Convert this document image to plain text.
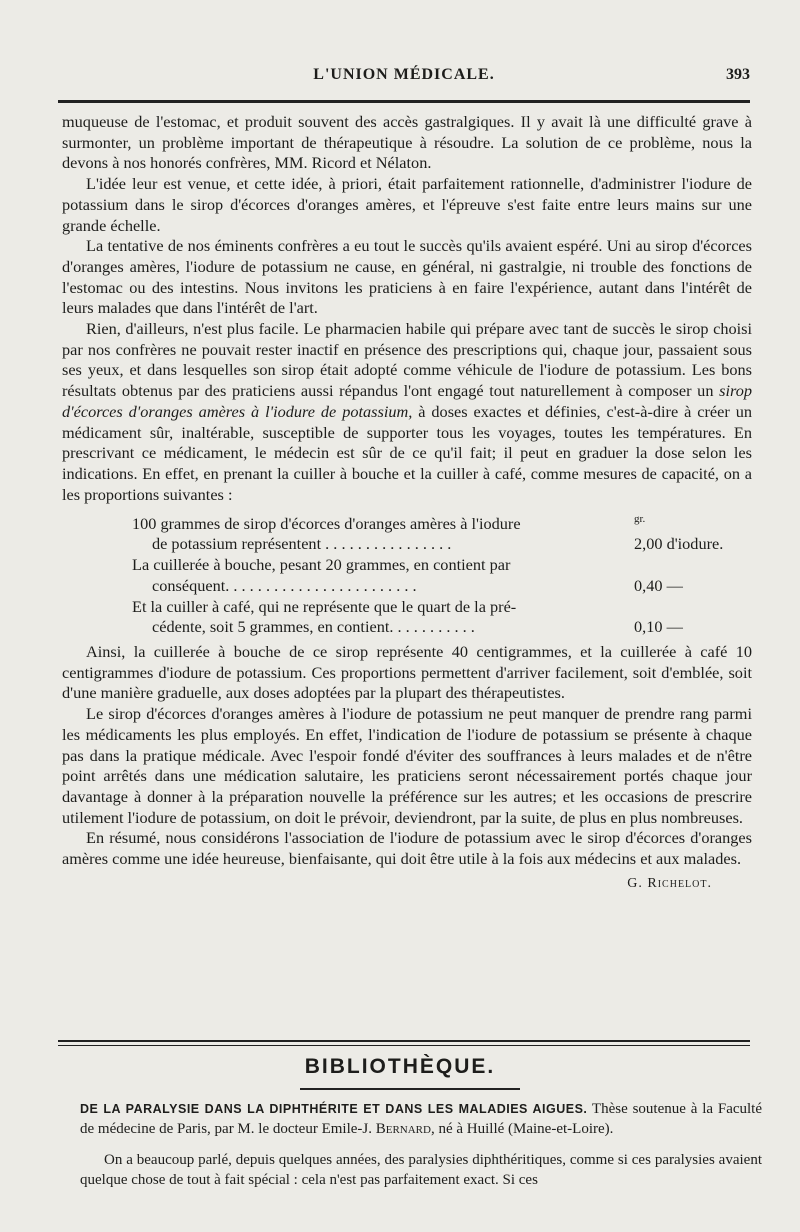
L'UNION MÉDICALE.	393

muqueuse de l'estomac, et produit souvent des accès gastralgiques. Il y avait là une difficulté grave à surmonter, un problème important de thérapeutique à résoudre. La solution de ce problème, nous la devons à nos honorés confrères, MM. Ricord et Nélaton.

L'idée leur est venue, et cette idée, à priori, était parfaitement rationnelle, d'administrer l'iodure de potassium dans le sirop d'écorces d'oranges amères, et l'épreuve s'est faite entre leurs mains sur une grande échelle.

La tentative de nos éminents confrères a eu tout le succès qu'ils avaient espéré. Uni au sirop d'écorces d'oranges amères, l'iodure de potassium ne cause, en général, ni gastralgie, ni trouble des fonctions de l'estomac ou des intestins. Nous invitons les praticiens à en faire l'expérience, autant dans l'intérêt de leurs malades que dans l'intérêt de l'art.

Rien, d'ailleurs, n'est plus facile. Le pharmacien habile qui prépare avec tant de succès le sirop choisi par nos confrères ne pouvait rester inactif en présence des prescriptions qui, chaque jour, passaient sous ses yeux, et dans lesquelles son sirop était adopté comme véhicule de l'iodure de potassium. Les bons résultats obtenus par des praticiens aussi répandus l'ont engagé tout naturellement à composer un sirop d'écorces d'oranges amères à l'iodure de potassium, à doses exactes et définies, c'est-à-dire à créer un médicament sûr, inaltérable, susceptible de supporter tous les voyages, toutes les températures. En prescrivant ce médicament, le médecin est sûr de ce qu'il fait; il peut en graduer la dose selon les indications. En effet, en prenant la cuiller à bouche et la cuiller à café, comme mesures de capacité, on a les proportions suivantes :

100 grammes de sirop d'écorces d'oranges amères à l'iodure	$^{gr.}$
de potassium représentent . . . . . . . . . . . . . . . .	2,00 d'iodure.
La cuillerée à bouche, pesant 20 grammes, en contient par
conséquent. . . . . . . . . . . . . . . . . . . . . . . .	0,40 —
Et la cuiller à café, qui ne représente que le quart de la pré-
cédente, soit 5 grammes, en contient. . . . . . . . . . .	0,10 —

Ainsi, la cuillerée à bouche de ce sirop représente 40 centigrammes, et la cuillerée à café 10 centigrammes d'iodure de potassium. Ces proportions permettent d'arriver facilement, soit d'emblée, soit d'une manière graduelle, aux doses adoptées par la plupart des thérapeutistes.

Le sirop d'écorces d'oranges amères à l'iodure de potassium ne peut manquer de prendre rang parmi les médicaments les plus employés. En effet, l'indication de l'iodure de potassium se présente à chaque pas dans la pratique médicale. Avec l'espoir fondé d'éviter des souffrances à leurs malades et de n'être point arrêtés dans une médication salutaire, les praticiens seront nécessairement portés chaque jour davantage à donner à la préparation nouvelle la préférence sur les autres; et les occasions de prescrire utilement l'iodure de potassium, on doit le prévoir, deviendront, par la suite, de plus en plus nombreuses.

En résumé, nous considérons l'association de l'iodure de potassium avec le sirop d'écorces d'oranges amères comme une idée heureuse, bienfaisante, qui doit être utile à la fois aux médecins et aux malades.

G. Richelot.
BIBLIOTHÈQUE.

DE LA PARALYSIE DANS LA DIPHTHÉRITE ET DANS LES MALADIES AIGUES. Thèse soutenue à la Faculté de médecine de Paris, par M. le docteur Emile-J. Bernard, né à Huillé (Maine-et-Loire).

On a beaucoup parlé, depuis quelques années, des paralysies diphthéritiques, comme si ces paralysies avaient quelque chose de tout à fait spécial : cela n'est pas parfaitement exact. Si ces
